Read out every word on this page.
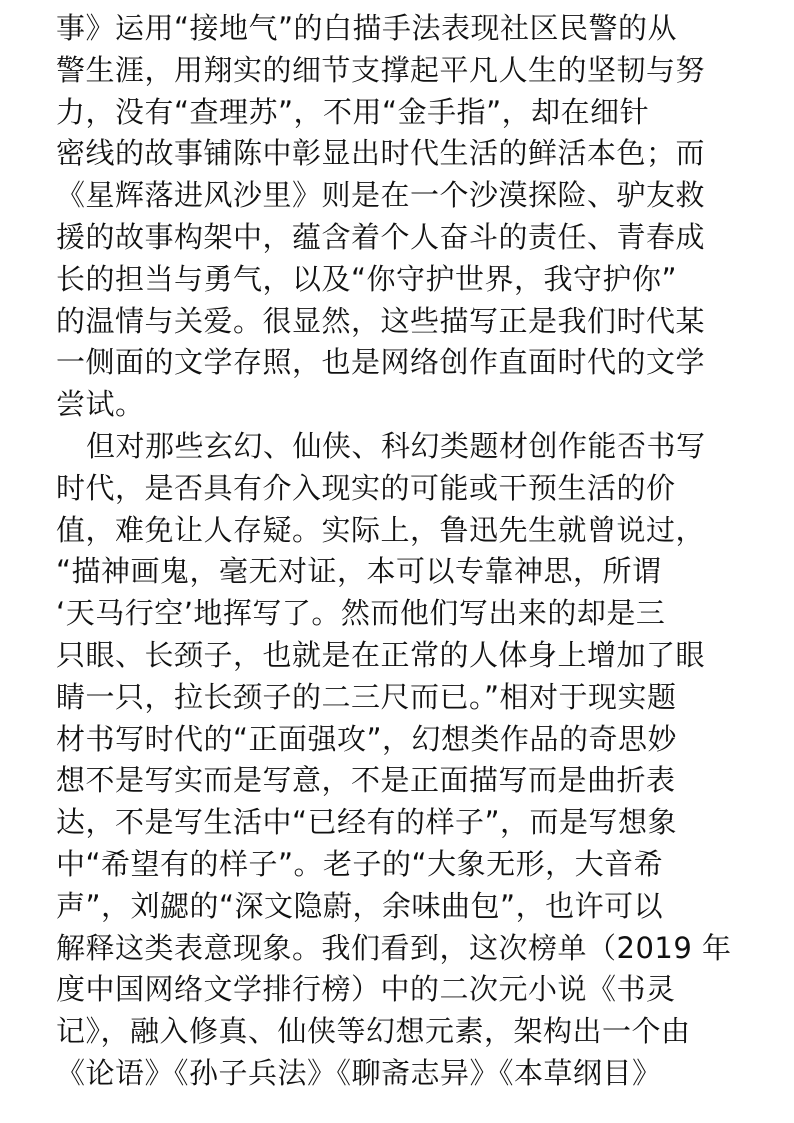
事》运用“接地气”的白描手法表现社区民警的从
警生涯，用翔实的细节支撑起平凡人生的坚韧与努
力，没有“查理苏”，不用“金手指”，却在细针
密线的故事铺陈中彰显出时代生活的鲜活本色；而
《星辉落进风沙里》则是在一个沙漠探险、驴友救
援的故事构架中，蕴含着个人奋斗的责任、青春成
长的担当与勇气，以及“你守护世界，我守护你”
的温情与关爱。很显然，这些描写正是我们时代某
一侧面的文学存照，也是网络创作直面时代的文学
尝试。
但对那些玄幻、仙侠、科幻类题材创作能否书写
时代，是否具有介入现实的可能或干预生活的价
值，难免让人存疑。实际上，鲁迅先生就曾说过，
“描神画鬼，毫无对证，本可以专靠神思，所谓
‘天马行空’地挥写了。然而他们写出来的却是三
只眼、长颈子，也就是在正常的人体身上增加了眼
睛一只，拉长颈子的二三尺而已。”相对于现实题
材书写时代的“正面强攻”，幻想类作品的奇思妙
想不是写实而是写意，不是正面描写而是曲折表
达，不是写生活中“已经有的样子”，而是写想象
中“希望有的样子”。老子的“大象无形，大音希
声”，刘勰的“深文隐蔚，余味曲包”，也许可以
解释这类表意现象。我们看到，这次榜单（2019 年
度中国网络文学排行榜）中的二次元小说《书灵
记》，融入修真、仙侠等幻想元素，架构出一个由
《论语》《孙子兵法》《聊斋志异》《本草纲目》
